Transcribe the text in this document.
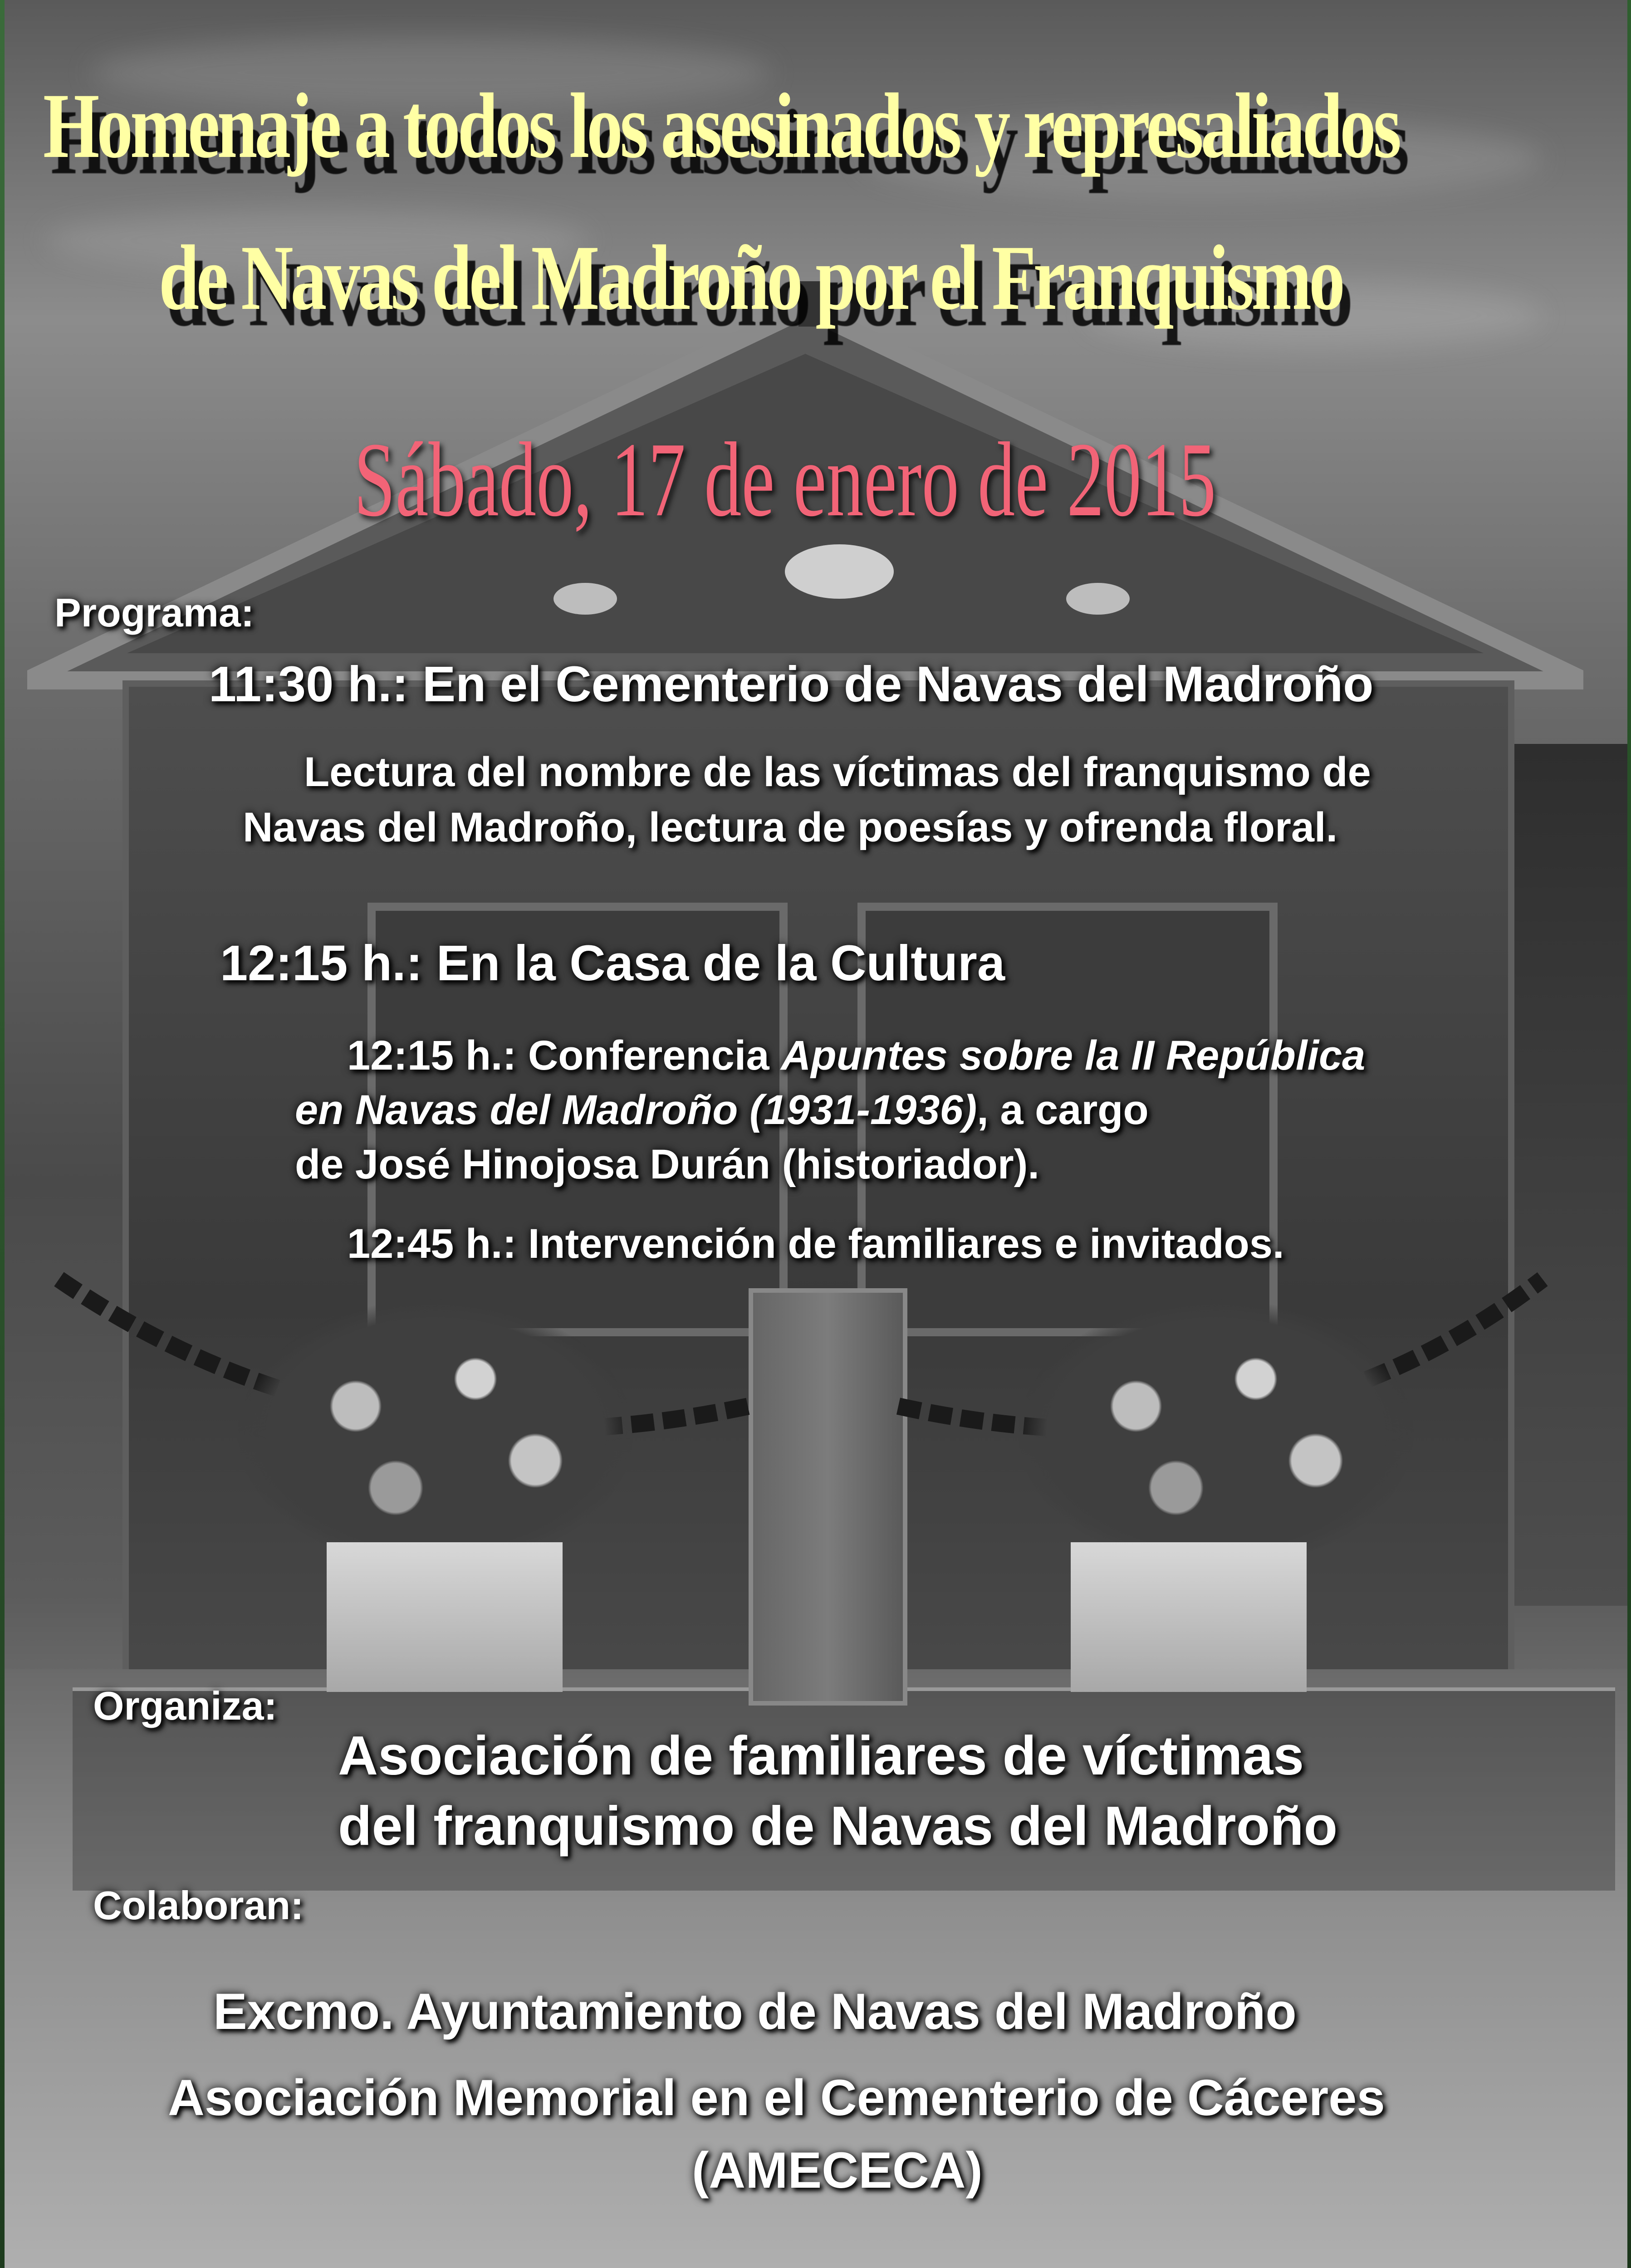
Homenaje a todos los asesinados y represaliados
de Navas del Madroño por el Franquismo
Sábado, 17 de enero de 2015
Programa:
11:30 h.: En el Cementerio de Navas del Madroño
Lectura del nombre de las víctimas del franquismo de
Navas del Madroño, lectura de poesías y ofrenda floral.
12:15 h.: En la Casa de la Cultura
12:15 h.: Conferencia Apuntes sobre la II República
en Navas del Madroño (1931-1936), a cargo
de José Hinojosa Durán (historiador).
12:45 h.: Intervención de familiares e invitados.
Organiza:
Asociación de familiares de víctimas
del franquismo de Navas del Madroño
Colaboran:
Excmo. Ayuntamiento de Navas del Madroño
Asociación Memorial en el Cementerio de Cáceres
(AMECECA)
